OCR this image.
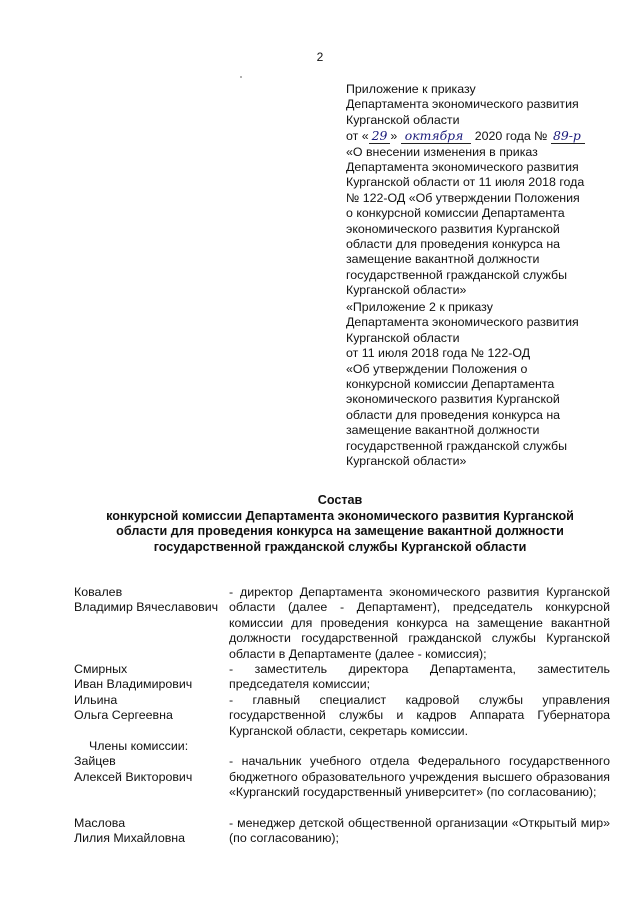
2
Приложение к приказу
Департамента экономического развития
Курганской области
от « 29 » октября 2020 года № 89-р
«О внесении изменения в приказ
Департамента экономического развития
Курганской области от 11 июля 2018 года
№ 122-ОД «Об утверждении Положения
о конкурсной комиссии Департамента
экономического развития Курганской
области для проведения конкурса на
замещение вакантной должности
государственной гражданской службы
Курганской области»
«Приложение 2 к приказу
Департамента экономического развития
Курганской области
от 11 июля 2018 года № 122-ОД
«Об утверждении Положения о
конкурсной комиссии Департамента
экономического развития Курганской
области для проведения конкурса на
замещение вакантной должности
государственной гражданской службы
Курганской области»
Состав
конкурсной комиссии Департамента экономического развития Курганской
области для проведения конкурса на замещение вакантной должности
государственной гражданской службы Курганской области
Ковалев
Владимир Вячеславович
- директор Департамента экономического развития Курганской области (далее - Департамент), председатель конкурсной комиссии для проведения конкурса на замещение вакантной должности государственной гражданской службы Курганской области в Департаменте (далее - комиссия);
Смирных
Иван Владимирович
- заместитель директора Департамента, заместитель председателя комиссии;
Ильина
Ольга Сергеевна
- главный специалист кадровой службы управления государственной службы и кадров Аппарата Губернатора Курганской области, секретарь комиссии.
Члены комиссии:
Зайцев
Алексей Викторович
- начальник учебного отдела Федерального государственного бюджетного образовательного учреждения высшего образования «Курганский государственный университет» (по согласованию);
Маслова
Лилия Михайловна
- менеджер детской общественной организации «Открытый мир» (по согласованию);
